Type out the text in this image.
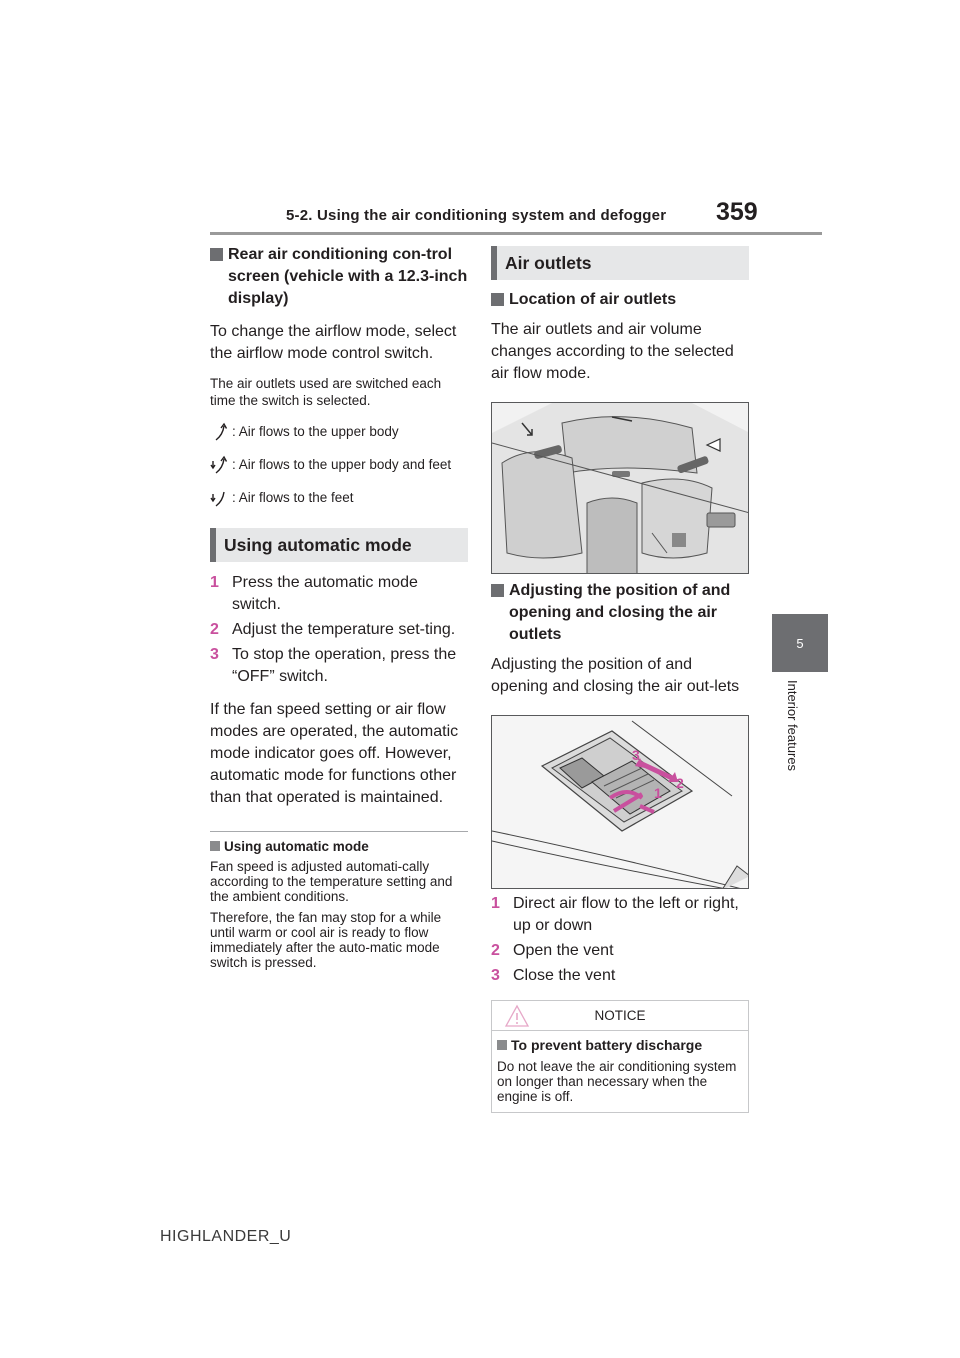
5-2. Using the air conditioning system and defogger 359
5
Interior features
Rear air conditioning con-trol screen (vehicle with a 12.3-inch display)

To change the airflow mode, select the airflow mode control switch.

The air outlets used are switched each time the switch is selected.

: Air flows to the upper body
: Air flows to the upper body and feet
: Air flows to the feet
Using automatic mode
1 Press the automatic mode switch.
2 Adjust the temperature set-ting.
3 To stop the operation, press the “OFF” switch.

If the fan speed setting or air flow modes are operated, the automatic mode indicator goes off. However, automatic mode for functions other than that operated is maintained.

Using automatic mode

Fan speed is adjusted automati-cally according to the temperature setting and the ambient conditions.

Therefore, the fan may stop for a while until warm or cool air is ready to flow immediately after the auto-matic mode switch is pressed.

Air outlets
Location of air outlets

The air outlets and air volume changes according to the selected air flow mode.

Adjusting the position of and opening and closing the air outlets

Adjusting the position of and opening and closing the air out-lets

3
2
1
1 Direct air flow to the left or right, up or down
2 Open the vent
3 Close the vent
NOTICE
To prevent battery discharge

Do not leave the air conditioning system on longer than necessary when the engine is off.

HIGHLANDER_U
